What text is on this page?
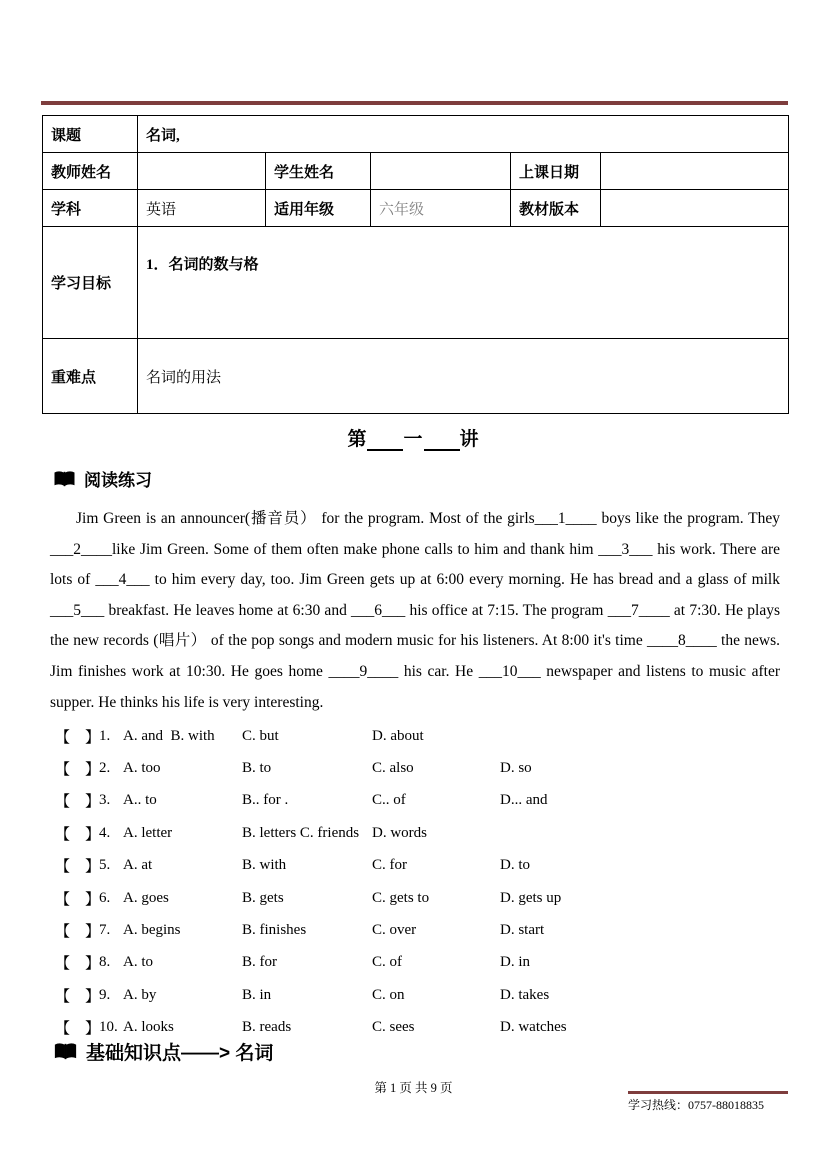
课题	名词,				
教师姓名		学生姓名		上课日期	
学科	英语	适用年级	六年级	教材版本	
学习目标	1．名词的数与格				
重难点	名词的用法				
第 一 讲
阅读练习
Jim Green is an announcer(播音员） for the program. Most of the girls___1____ boys like the program. They ___2____like Jim Green. Some of them often make phone calls to him and thank him ___3___ his work. There are lots of ___4___ to him every day, too. Jim Green gets up at 6:00 every morning. He has bread and a glass of milk ___5___ breakfast. He leaves home at 6:30 and ___6___ his office at 7:15. The program ___7____ at 7:30. He plays the new records (唱片） of the pop songs and modern music for his listeners. At 8:00 it's time ____8____ the news. Jim finishes work at 10:30. He goes home ____9____ his car. He ___10___ newspaper and listens to music after supper. He thinks his life is very interesting.
【　】
1. A. and  B. with	C. but	D. about
【　】
2. A. too	B. to	C. also	D. so
【　】
3. A.. to	B.. for .	C.. of	D... and
【　】
4. A. letter	B. letters C. friends D. words
【　】
5. A. at	B. with	C. for	D. to
【　】
6. A. goes	B. gets	C. gets to	D. gets up
【　】
7. A. begins	B. finishes	C. over	D. start
【　】
8. A. to	B. for	C. of	D. in
【　】
9. A. by	B. in	C. on	D. takes
【　】
10. A. looks	B. reads	C. sees	D. watches
基础知识点——> 名词
第 1 页 共 9 页
学习热线：0757-88018835
